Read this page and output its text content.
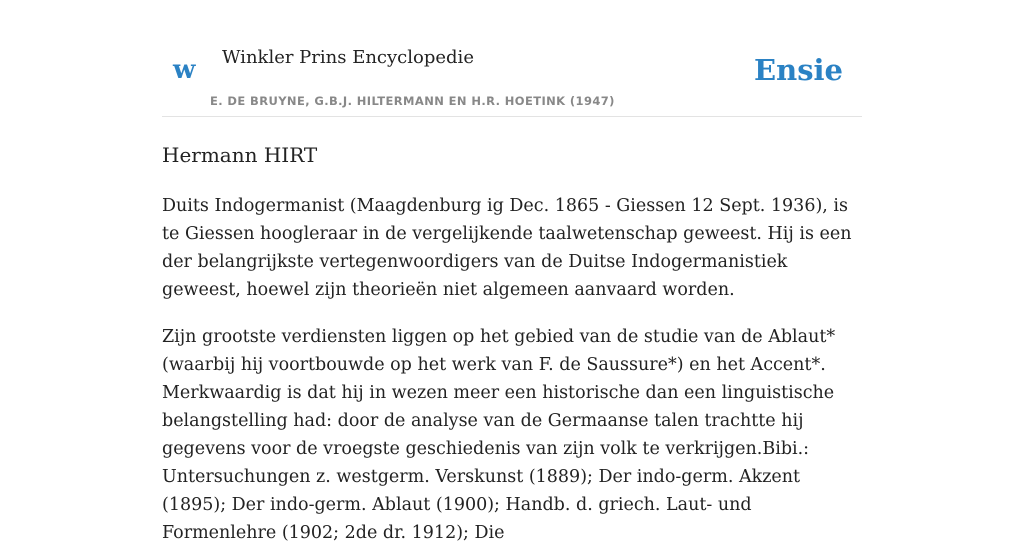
w Winkler Prins Encyclopedie
E. DE BRUYNE, G.B.J. HILTERMANN EN H.R. HOETINK (1947)
Ensie
Hermann HIRT

Duits Indogermanist (Maagdenburg ig Dec. 1865 - Giessen 12 Sept. 1936), is te Giessen hoogleraar in de vergelijkende taalwetenschap geweest. Hij is een der belangrijkste vertegenwoordigers van de Duitse Indogermanistiek geweest, hoewel zijn theorieën niet algemeen aanvaard worden.

Zijn grootste verdiensten liggen op het gebied van de studie van de Ablaut* (waarbij hij voortbouwde op het werk van F. de Saussure*) en het Accent*. Merkwaardig is dat hij in wezen meer een historische dan een linguistische belangstelling had: door de analyse van de Germaanse talen trachtte hij gegevens voor de vroegste geschiedenis van zijn volk te verkrijgen.Bibi.: Untersuchungen z. westgerm. Verskunst (1889); Der indo-germ. Akzent (1895); Der indo-germ. Ablaut (1900); Handb. d. griech. Laut- und Formenlehre (1902; 2de dr. 1912); Die
